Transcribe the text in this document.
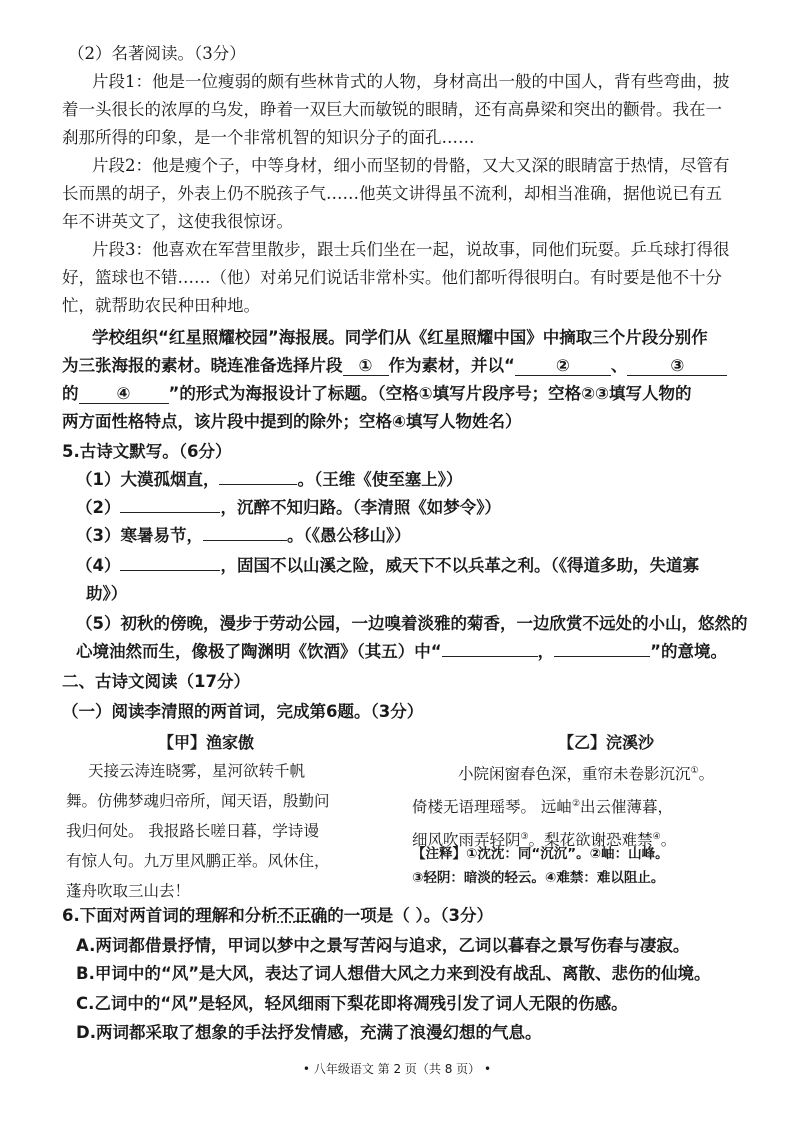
（2）名著阅读。（3分）
片段1：他是一位瘦弱的颇有些林肯式的人物，身材高出一般的中国人，背有些弯曲，披
着一头很长的浓厚的乌发，睁着一双巨大而敏锐的眼睛，还有高鼻梁和突出的颧骨。我在一
刹那所得的印象，是一个非常机智的知识分子的面孔……
片段2：他是瘦个子，中等身材，细小而坚韧的骨骼，又大又深的眼睛富于热情，尽管有
长而黑的胡子，外表上仍不脱孩子气……他英文讲得虽不流利，却相当准确，据他说已有五
年不讲英文了，这使我很惊讶。
片段3：他喜欢在军营里散步，跟士兵们坐在一起，说故事，同他们玩耍。乒乓球打得很
好，篮球也不错……（他）对弟兄们说话非常朴实。他们都听得很明白。有时要是他不十分
忙，就帮助农民种田种地。
学校组织“红星照耀校园”海报展。同学们从《红星照耀中国》中摘取三个片段分别作
为三张海报的素材。晓连准备选择片段 ① 作为素材，并以“ ② 、	③
的 ④ ”的形式为海报设计了标题。（空格①填写片段序号；空格②③填写人物的
两方面性格特点，该片段中提到的除外；空格④填写人物姓名）
5.古诗文默写。（6分）
（1）大漠孤烟直，	。（王维《使至塞上》）
（2）	，沉醉不知归路。（李清照《如梦令》）
（3）寒暑易节，	。（《愚公移山》）
（4）	，固国不以山溪之险，威天下不以兵革之利。（《得道多助，失道寡
助》）
（5）初秋的傍晚，漫步于劳动公园，一边嗅着淡雅的菊香，一边欣赏不远处的小山，悠然的
心境油然而生，像极了陶渊明《饮酒》（其五）中“	，	”的意境。
二、古诗文阅读（17分）
（一）阅读李清照的两首词，完成第6题。（3分）
【甲】渔家傲	【乙】浣溪沙
天接云涛连晓雾，星河欲转千帆
舞。仿佛梦魂归帝所，闻天语，殷勤问
我归何处。 我报路长嗟日暮，学诗谩
有惊人句。九万里风鹏正举。风休住，
蓬舟吹取三山去！
小院闲窗春色深，重帘未卷影沉沉①。
倚楼无语理瑶琴。 远岫②出云催薄暮，
细风吹雨弄轻阴③。梨花欲谢恐难禁④。
【注释】①沈沈：同“沉沉”。②岫：山峰。
③轻阴：暗淡的轻云。④难禁：难以阻止。
6.下面对两首词的理解和分析不正确的一项是（ ）。（3分）
A.两词都借景抒情，甲词以梦中之景写苦闷与追求，乙词以暮春之景写伤春与凄寂。
B.甲词中的“风”是大风，表达了词人想借大风之力来到没有战乱、离散、悲伤的仙境。
C.乙词中的“风”是轻风，轻风细雨下梨花即将凋残引发了词人无限的伤感。
D.两词都采取了想象的手法抒发情感，充满了浪漫幻想的气息。
• 八年级语文 第 2 页（共 8 页） •
